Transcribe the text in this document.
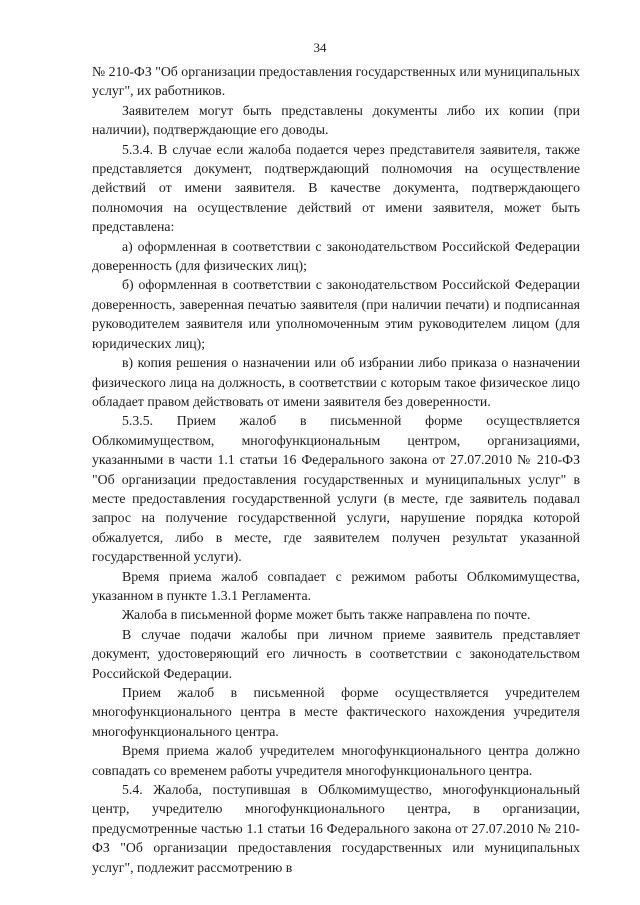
34

№ 210-ФЗ "Об организации предоставления государственных или муниципальных услуг", их работников.

Заявителем могут быть представлены документы либо их копии (при наличии), подтверждающие его доводы.

5.3.4. В случае если жалоба подается через представителя заявителя, также представляется документ, подтверждающий полномочия на осуществление действий от имени заявителя. В качестве документа, подтверждающего полномочия на осуществление действий от имени заявителя, может быть представлена:

а) оформленная в соответствии с законодательством Российской Федерации доверенность (для физических лиц);

б) оформленная в соответствии с законодательством Российской Федерации доверенность, заверенная печатью заявителя (при наличии печати) и подписанная руководителем заявителя или уполномоченным этим руководителем лицом (для юридических лиц);

в) копия решения о назначении или об избрании либо приказа о назначении физического лица на должность, в соответствии с которым такое физическое лицо обладает правом действовать от имени заявителя без доверенности.

5.3.5. Прием жалоб в письменной форме осуществляется Облкомимуществом, многофункциональным центром, организациями, указанными в части 1.1 статьи 16 Федерального закона от 27.07.2010 № 210-ФЗ "Об организации предоставления государственных и муниципальных услуг" в месте предоставления государственной услуги (в месте, где заявитель подавал запрос на получение государственной услуги, нарушение порядка которой обжалуется, либо в месте, где заявителем получен результат указанной государственной услуги).

Время приема жалоб совпадает с режимом работы Облкомимущества, указанном в пункте 1.3.1 Регламента.

Жалоба в письменной форме может быть также направлена по почте.

В случае подачи жалобы при личном приеме заявитель представляет документ, удостоверяющий его личность в соответствии с законодательством Российской Федерации.

Прием жалоб в письменной форме осуществляется учредителем многофункционального центра в месте фактического нахождения учредителя многофункционального центра.

Время приема жалоб учредителем многофункционального центра должно совпадать со временем работы учредителя многофункционального центра.

5.4. Жалоба, поступившая в Облкомимущество, многофункциональный центр, учредителю многофункционального центра, в организации, предусмотренные частью 1.1 статьи 16 Федерального закона от 27.07.2010 № 210-ФЗ "Об организации предоставления государственных или муниципальных услуг", подлежит рассмотрению в
